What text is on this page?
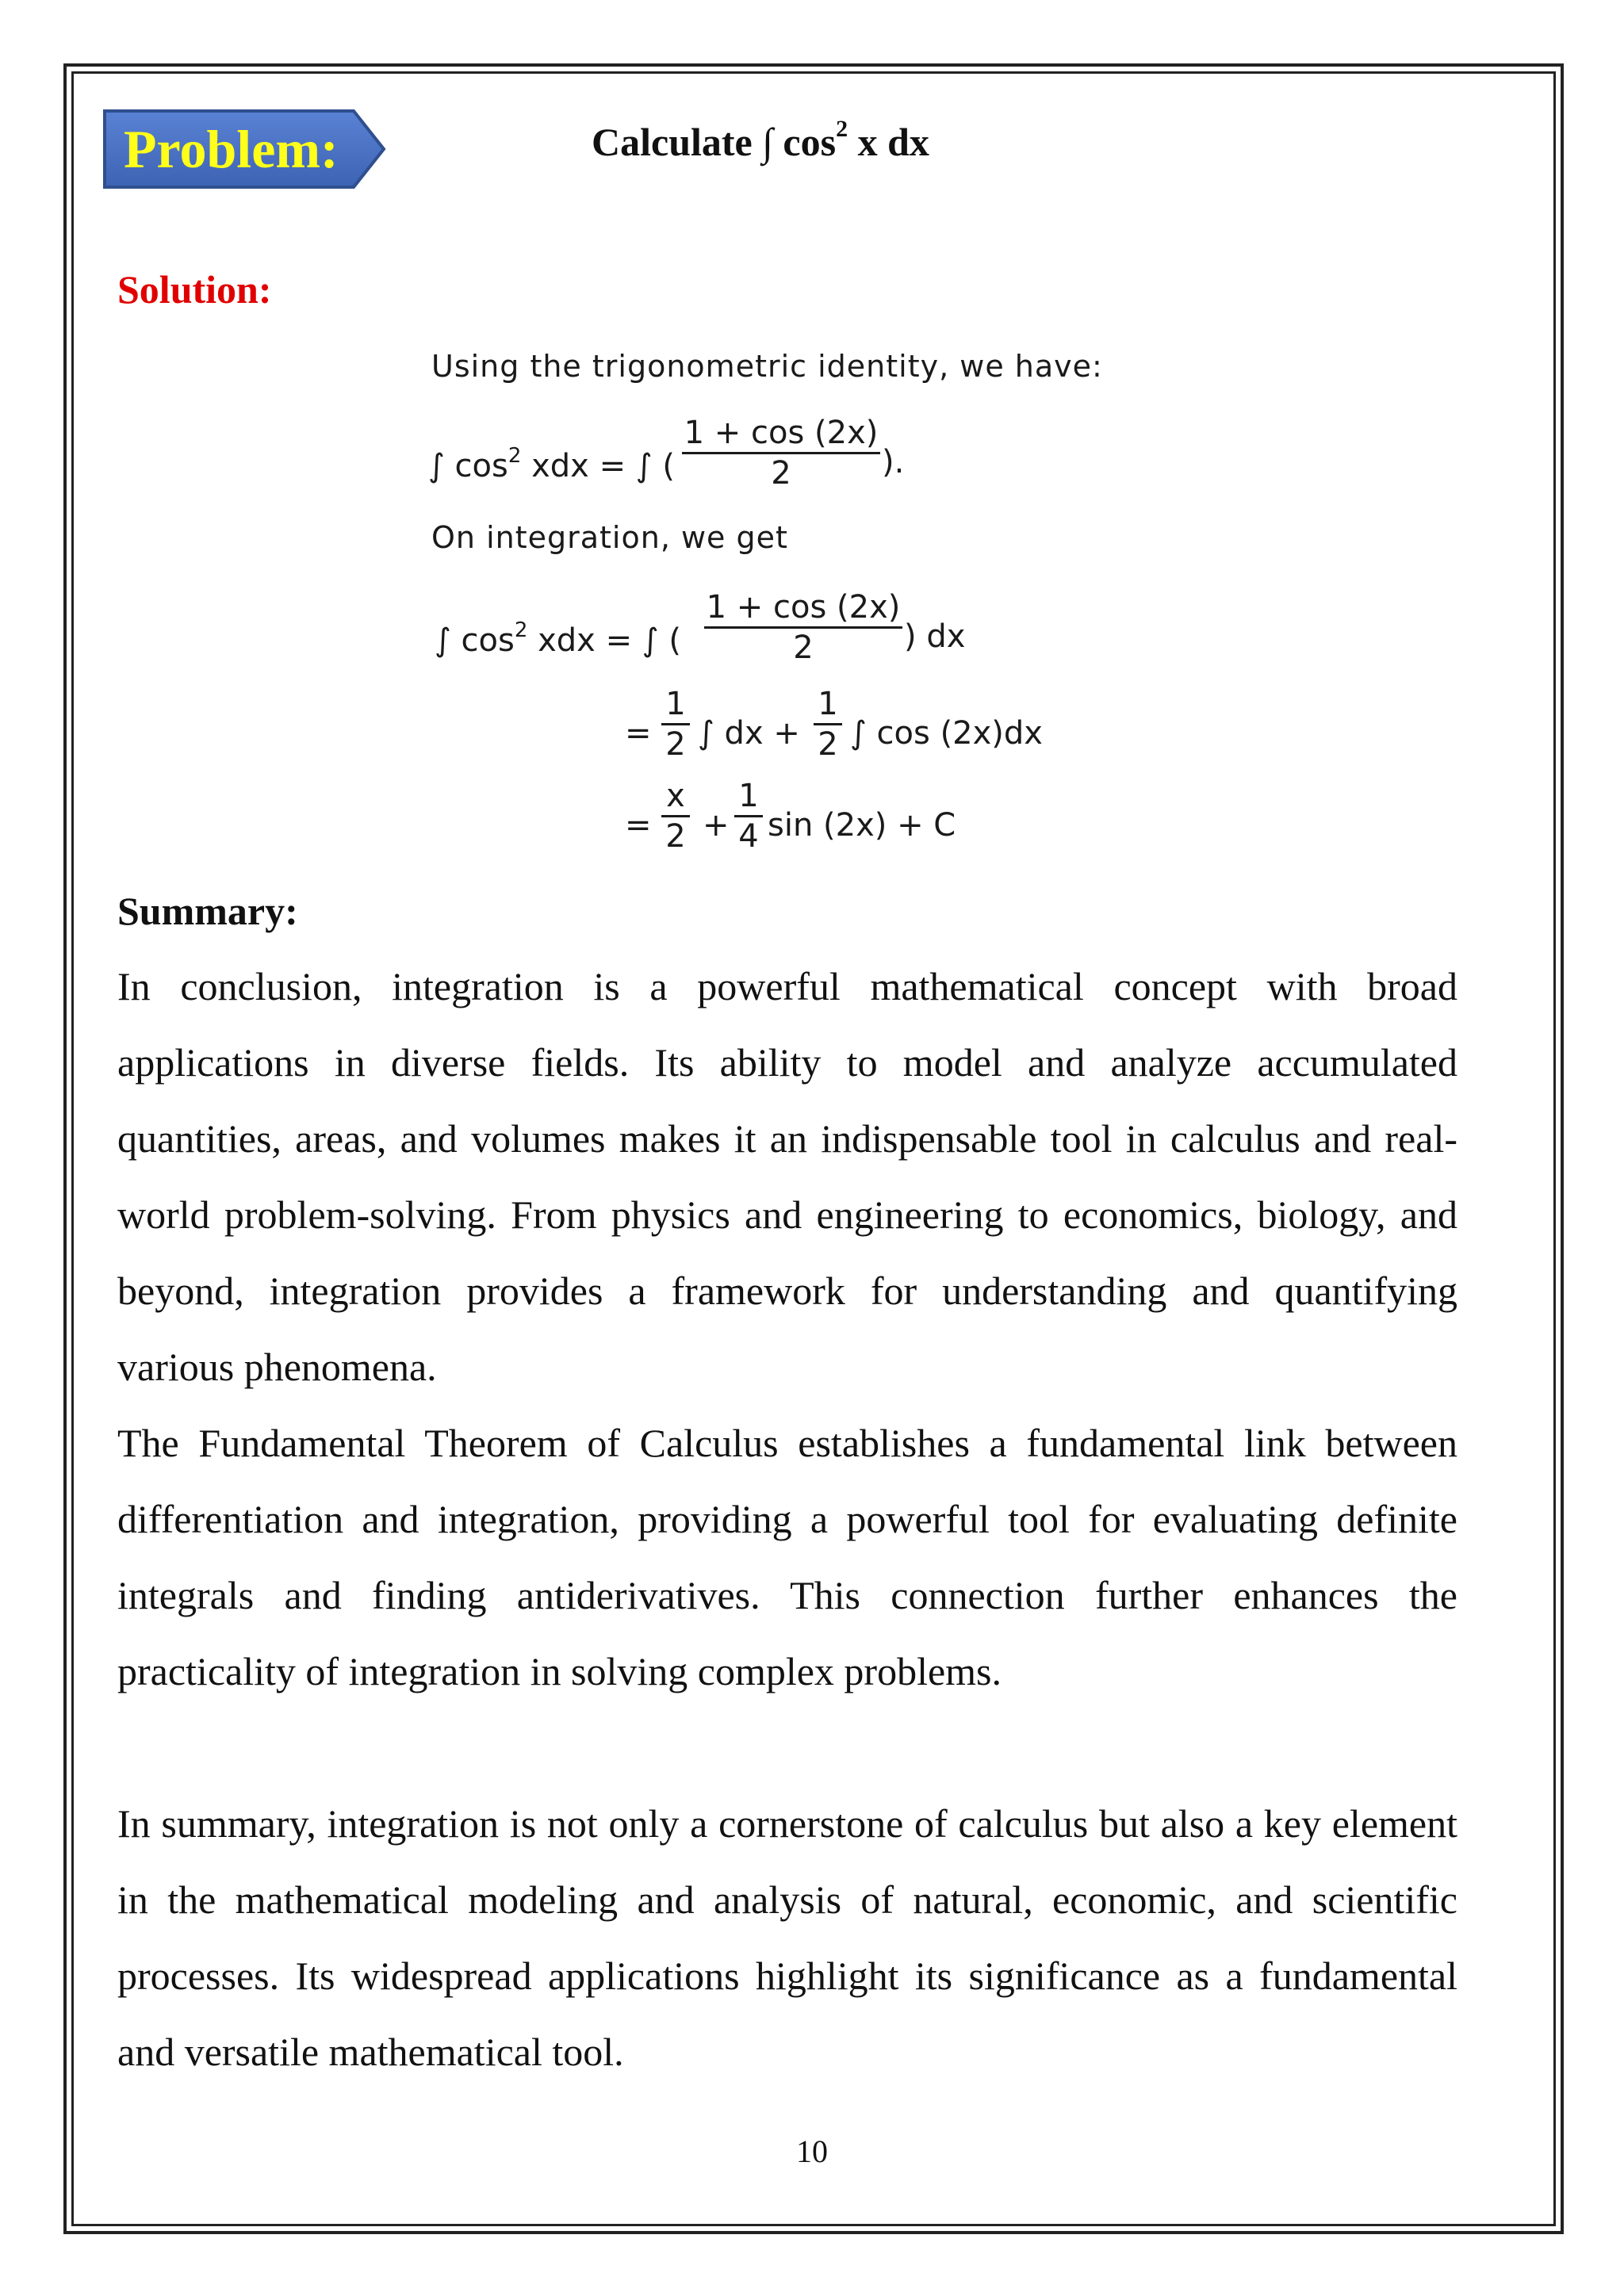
Problem:	Calculate ∫ $\cos^2 x$ dx
Solution:
Using the trigonometric identity, we have:
∫ $\cos^2$ xdx = ∫ (
1 + cos (2x)
2	).
On integration, we get
∫ $\cos^2$ xdx = ∫ (
1 + cos (2x)
2	) dx
=
1
2 ∫ dx +
1
2 ∫ cos (2x)dx
=
x
2 +
1
4 sin (2x) + C
Summary:

In conclusion, integration is a powerful mathematical concept with broad applications in diverse fields. Its ability to model and analyze accumulated quantities, areas, and volumes makes it an indispensable tool in calculus and real-world problem-solving. From physics and engineering to economics, biology, and beyond, integration provides a framework for understanding and quantifying various phenomena.

The Fundamental Theorem of Calculus establishes a fundamental link between differentiation and integration, providing a powerful tool for evaluating definite integrals and finding antiderivatives. This connection further enhances the practicality of integration in solving complex problems.

In summary, integration is not only a cornerstone of calculus but also a key element in the mathematical modeling and analysis of natural, economic, and scientific processes. Its widespread applications highlight its significance as a fundamental and versatile mathematical tool.

10
